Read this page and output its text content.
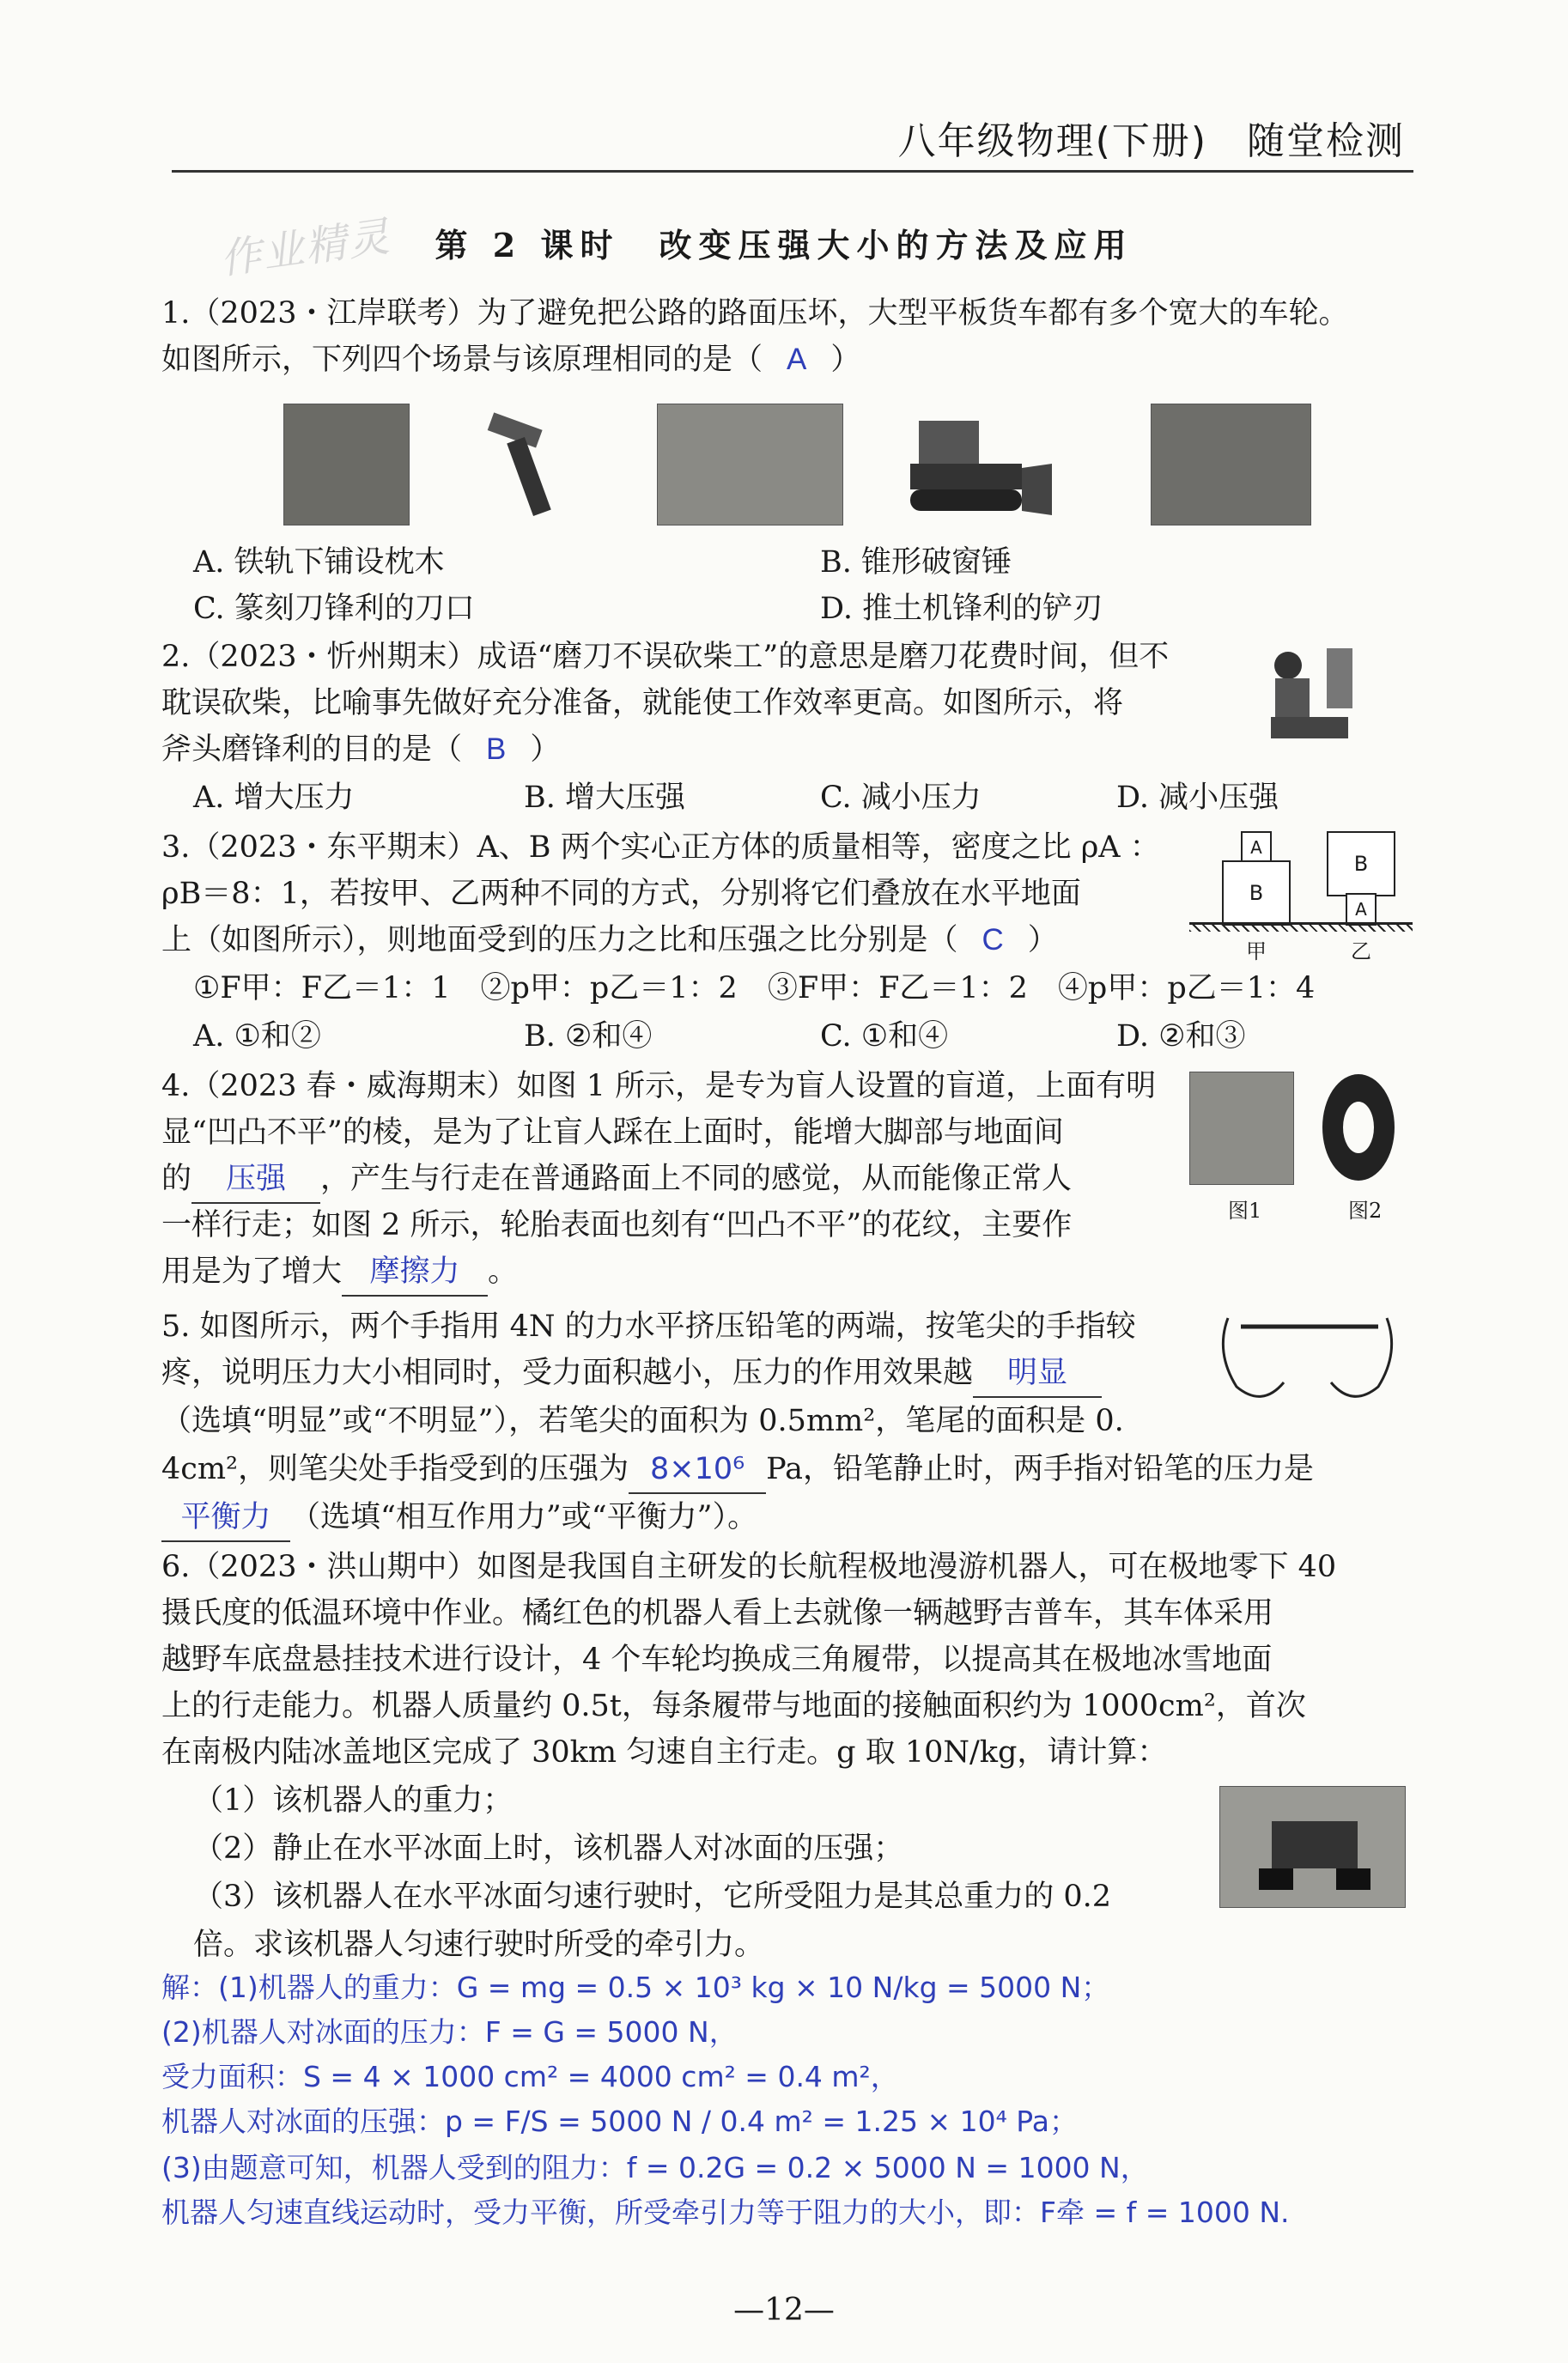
八年级物理(下册)　随堂检测
作业精灵	第 2 课时　改变压强大小的方法及应用
1.（2023・江岸联考）为了避免把公路的路面压坏，大型平板货车都有多个宽大的车轮。
如图所示，下列四个场景与该原理相同的是（ A ）
A. 铁轨下铺设枕木	B. 锥形破窗锤
C. 篆刻刀锋利的刀口	D. 推土机锋利的铲刃
2.（2023・忻州期末）成语“磨刀不误砍柴工”的意思是磨刀花费时间，但不
耽误砍柴，比喻事先做好充分准备，就能使工作效率更高。如图所示，将
斧头磨锋利的目的是（ B ）
A. 增大压力	B. 增大压强	C. 减小压力	D. 减小压强
3.（2023・东平期末）A、B 两个实心正方体的质量相等，密度之比 ρA ：
ρB＝8：1，若按甲、乙两种不同的方式，分别将它们叠放在水平地面
上（如图所示），则地面受到的压力之比和压强之比分别是（ C ）
①F甲：F乙＝1：1　②p甲：p乙＝1：2　③F甲：F乙＝1：2　④p甲：p乙＝1：4
A. ①和②	B. ②和④	C. ①和④	D. ②和③
A
B
B
A
甲	乙
4.（2023 春・威海期末）如图 1 所示，是专为盲人设置的盲道，上面有明
显“凹凸不平”的棱，是为了让盲人踩在上面时，能增大脚部与地面间
的 压强 ，产生与行走在普通路面上不同的感觉，从而能像正常人
一样行走；如图 2 所示，轮胎表面也刻有“凹凸不平”的花纹，主要作
用是为了增大 摩擦力 。
图1	图2
5. 如图所示，两个手指用 4N 的力水平挤压铅笔的两端，按笔尖的手指较
疼，说明压力大小相同时，受力面积越小，压力的作用效果越 明显
（选填“明显”或“不明显”），若笔尖的面积为 0.5mm²，笔尾的面积是 0.
4cm²，则笔尖处手指受到的压强为 8×10⁶ Pa，铅笔静止时，两手指对铅笔的压力是
平衡力 （选填“相互作用力”或“平衡力”）。
6.（2023・洪山期中）如图是我国自主研发的长航程极地漫游机器人，可在极地零下 40
摄氏度的低温环境中作业。橘红色的机器人看上去就像一辆越野吉普车，其车体采用
越野车底盘悬挂技术进行设计，4 个车轮均换成三角履带，以提高其在极地冰雪地面
上的行走能力。机器人质量约 0.5t，每条履带与地面的接触面积约为 1000cm²，首次
在南极内陆冰盖地区完成了 30km 匀速自主行走。g 取 10N/kg，请计算：
（1）该机器人的重力；
（2）静止在水平冰面上时，该机器人对冰面的压强；
（3）该机器人在水平冰面匀速行驶时，它所受阻力是其总重力的 0.2
倍。求该机器人匀速行驶时所受的牵引力。
解：(1)机器人的重力：G = mg = 0.5 × 10³ kg × 10 N/kg = 5000 N；
(2)机器人对冰面的压力：F = G = 5000 N，
受力面积：S = 4 × 1000 cm² = 4000 cm² = 0.4 m²，
机器人对冰面的压强：p = F/S = 5000 N / 0.4 m² = 1.25 × 10⁴ Pa；
(3)由题意可知，机器人受到的阻力：f = 0.2G = 0.2 × 5000 N = 1000 N，
机器人匀速直线运动时，受力平衡，所受牵引力等于阻力的大小，即：F牵 = f = 1000 N.
—12—
